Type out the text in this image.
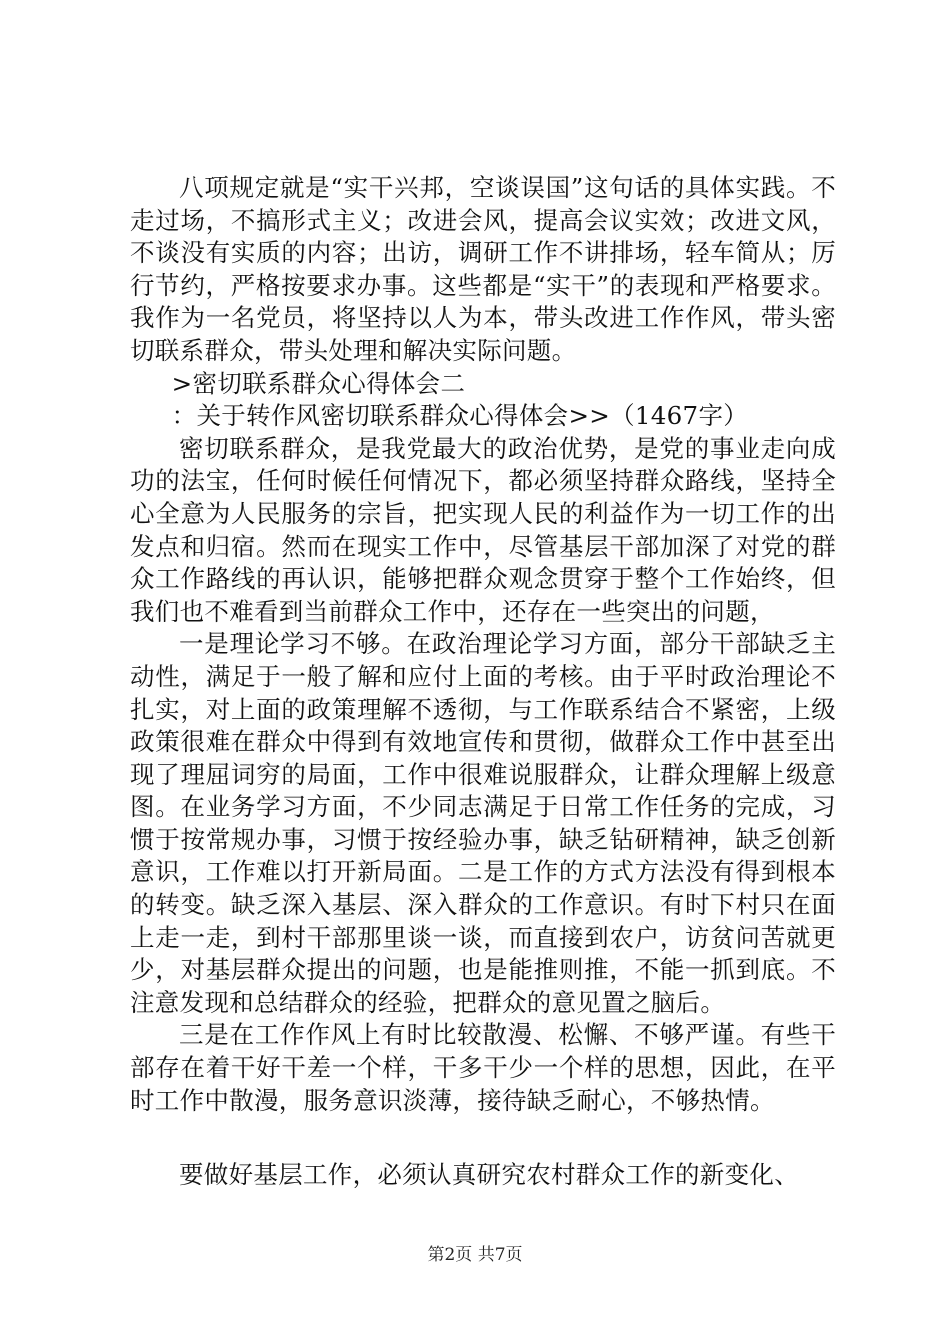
八项规定就是“实干兴邦，空谈误国”这句话的具体实践。不走过场，不搞形式主义；改进会风，提高会议实效；改进文风，不谈没有实质的内容；出访，调研工作不讲排场，轻车简从；厉行节约，严格按要求办事。这些都是“实干”的表现和严格要求。我作为一名党员，将坚持以人为本，带头改进工作作风，带头密切联系群众，带头处理和解决实际问题。

>密切联系群众心得体会二

：关于转作风密切联系群众心得体会>>（1467字）

密切联系群众，是我党最大的政治优势，是党的事业走向成功的法宝，任何时候任何情况下，都必须坚持群众路线，坚持全心全意为人民服务的宗旨，把实现人民的利益作为一切工作的出发点和归宿。然而在现实工作中，尽管基层干部加深了对党的群众工作路线的再认识，能够把群众观念贯穿于整个工作始终，但我们也不难看到当前群众工作中，还存在一些突出的问题，

一是理论学习不够。在政治理论学习方面，部分干部缺乏主动性，满足于一般了解和应付上面的考核。由于平时政治理论不扎实，对上面的政策理解不透彻，与工作联系结合不紧密，上级政策很难在群众中得到有效地宣传和贯彻，做群众工作中甚至出现了理屈词穷的局面，工作中很难说服群众，让群众理解上级意图。在业务学习方面，不少同志满足于日常工作任务的完成，习惯于按常规办事，习惯于按经验办事，缺乏钻研精神，缺乏创新意识，工作难以打开新局面。二是工作的方式方法没有得到根本的转变。缺乏深入基层、深入群众的工作意识。有时下村只在面上走一走，到村干部那里谈一谈，而直接到农户，访贫问苦就更少，对基层群众提出的问题，也是能推则推，不能一抓到底。不注意发现和总结群众的经验，把群众的意见置之脑后。

三是在工作作风上有时比较散漫、松懈、不够严谨。有些干部存在着干好干差一个样，干多干少一个样的思想，因此，在平时工作中散漫，服务意识淡薄，接待缺乏耐心，不够热情。

要做好基层工作，必须认真研究农村群众工作的新变化、

第2页 共7页
